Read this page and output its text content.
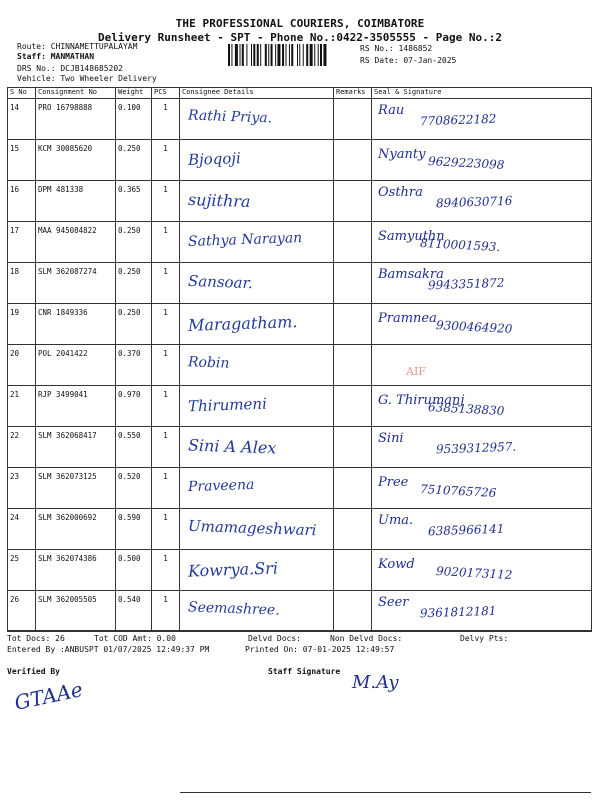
THE PROFESSIONAL COURIERS, COIMBATORE
Delivery Runsheet - SPT - Phone No.:0422-3505555 - Page No.:2
Route: CHINNAMETTUPALAYAM
Staff: MANMATHAN
DRS No.: DCJB148685202
Vehicle: Two Wheeler Delivery
RS No.: 1486852
RS Date: 07-Jan-2025
S No	Consignment No	Weight	PCS	Consignee Details	Remarks	Seal & Signature

14	PRO 16798888	0.100	1	Rathi Priya.		Rau
7708622182

15	KCM 30085620	0.250	1	Bjoqoji		Nyanty 9629223098

16	DPM 481338	0.365	1	sujithra		Osthra
8940630716

17	MAA 945084822	0.250	1	Sathya Narayan		Samyuthn
8110001593.

18	SLM 362087274	0.250	1	Sansoar.		Bamsakra
9943351872

19	CNR 1849336	0.250	1	Maragatham.		Pramnea
9300464920

20	POL 2041422	0.370	1	Robin		AIF

21	RJP 3499041	0.970	1	Thirumeni		G. Thirumanj
6385138830

22	SLM 362068417	0.550	1	Sini A Alex		Sini
9539312957.

23	SLM 362073125	0.520	1	Praveena		Pree 7510765726

24	SLM 362000692	0.590	1	Umamageshwari		Uma.
6385966141

25	SLM 362074386	0.500	1	Kowrya.Sri		Kowd 9020173112

26	SLM 362005505	0.540	1	Seemashree.		Seer
9361812181
Tot Docs: 26	Tot COD Amt: 0.00	Delvd Docs:	Non Delvd Docs:	Delvy Pts:
Entered By :ANBUSPT 01/07/2025 12:49:37 PM	Printed On: 07-01-2025 12:49:57
Verified By	Staff Signature
GTAAe	M.Ay
